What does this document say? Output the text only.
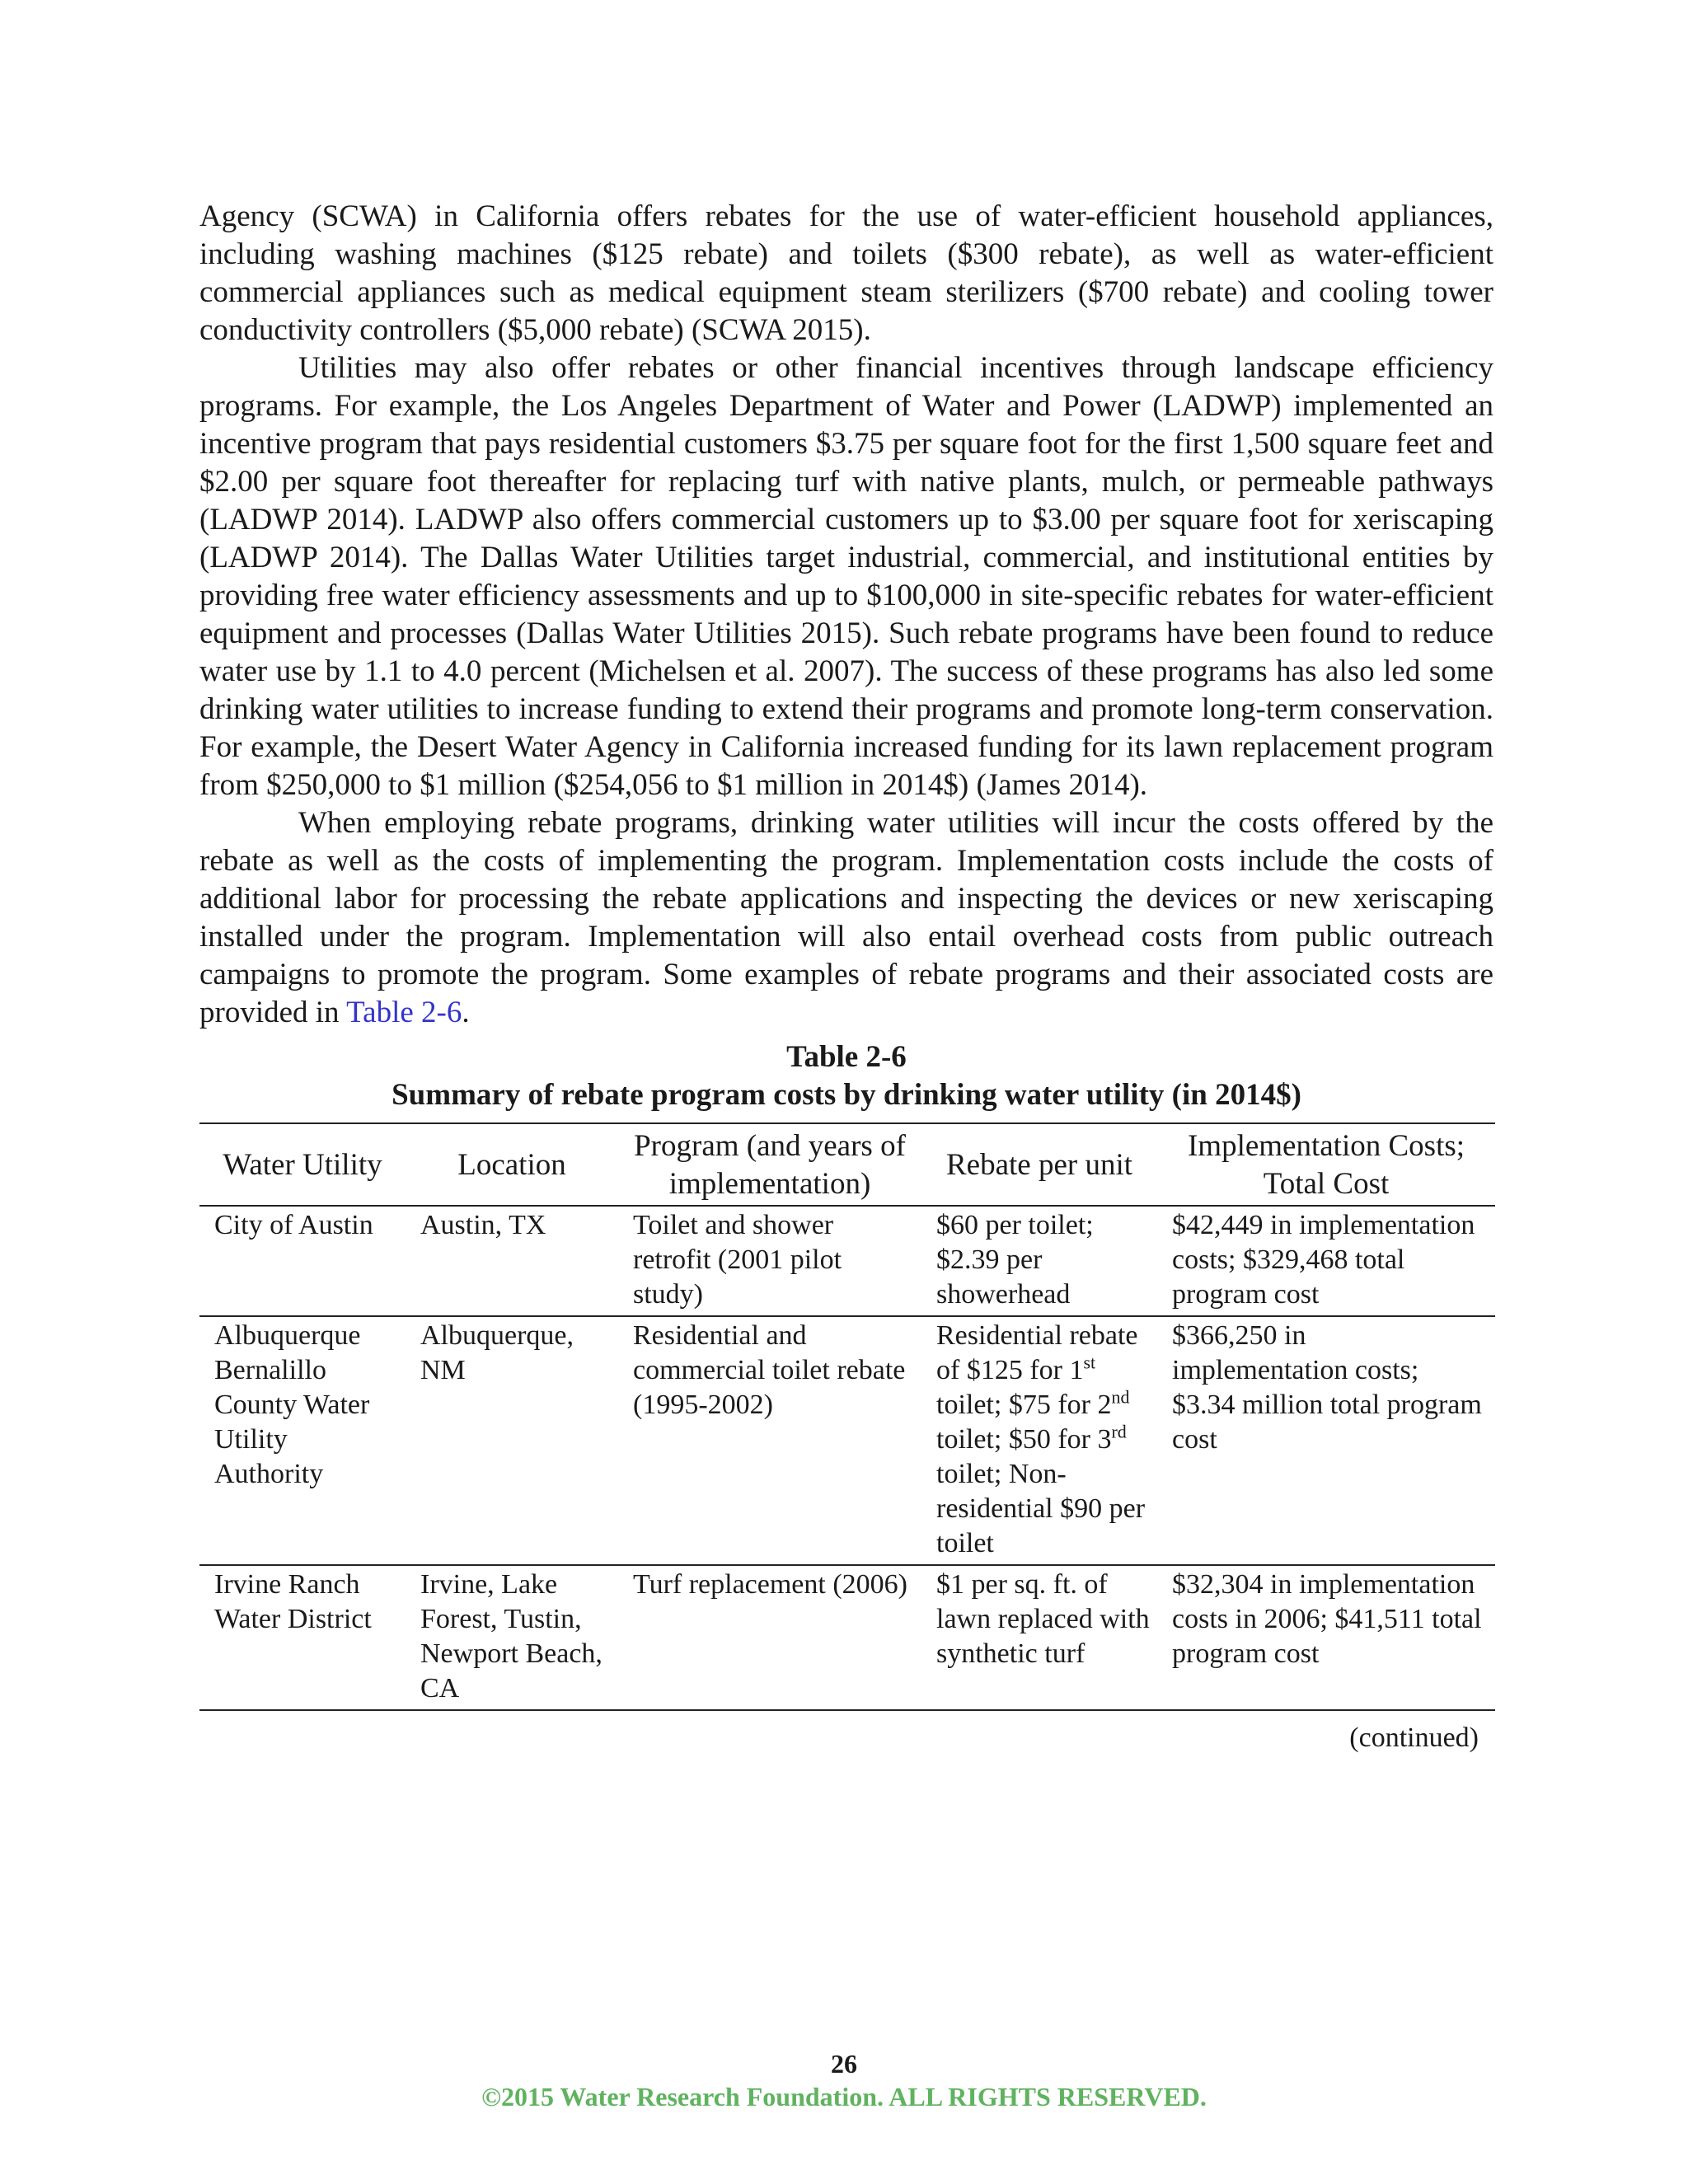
Agency (SCWA) in California offers rebates for the use of water-efficient household appliances, including washing machines ($125 rebate) and toilets ($300 rebate), as well as water-efficient commercial appliances such as medical equipment steam sterilizers ($700 rebate) and cooling tower conductivity controllers ($5,000 rebate) (SCWA 2015).

Utilities may also offer rebates or other financial incentives through landscape efficiency programs. For example, the Los Angeles Department of Water and Power (LADWP) implemented an incentive program that pays residential customers $3.75 per square foot for the first 1,500 square feet and $2.00 per square foot thereafter for replacing turf with native plants, mulch, or permeable pathways (LADWP 2014). LADWP also offers commercial customers up to $3.00 per square foot for xeriscaping (LADWP 2014). The Dallas Water Utilities target industrial, commercial, and institutional entities by providing free water efficiency assessments and up to $100,000 in site-specific rebates for water-efficient equipment and processes (Dallas Water Utilities 2015). Such rebate programs have been found to reduce water use by 1.1 to 4.0 percent (Michelsen et al. 2007). The success of these programs has also led some drinking water utilities to increase funding to extend their programs and promote long-term conservation. For example, the Desert Water Agency in California increased funding for its lawn replacement program from $250,000 to $1 million ($254,056 to $1 million in 2014$) (James 2014).

When employing rebate programs, drinking water utilities will incur the costs offered by the rebate as well as the costs of implementing the program. Implementation costs include the costs of additional labor for processing the rebate applications and inspecting the devices or new xeriscaping installed under the program. Implementation will also entail overhead costs from public outreach campaigns to promote the program. Some examples of rebate programs and their associated costs are provided in Table 2-6.

Table 2-6
Summary of rebate program costs by drinking water utility (in 2014$)
Water Utility	Location	Program (and years of implementation)	Rebate per unit	Implementation Costs; Total Cost
City of Austin	Austin, TX	Toilet and shower retrofit (2001 pilot study)	$60 per toilet; $2.39 per showerhead	$42,449 in implementation costs; $329,468 total program cost
Albuquerque Bernalillo County Water Utility Authority	Albuquerque, NM	Residential and commercial toilet rebate (1995-2002)	Residential rebate of $125 for 1st toilet; $75 for 2nd toilet; $50 for 3rd toilet; Non-residential $90 per toilet	$366,250 in implementation costs; $3.34 million total program cost
Irvine Ranch Water District	Irvine, Lake Forest, Tustin, Newport Beach, CA	Turf replacement (2006)	$1 per sq. ft. of lawn replaced with synthetic turf	$32,304 in implementation costs in 2006; $41,511 total program cost
(continued)
26
©2015 Water Research Foundation. ALL RIGHTS RESERVED.
